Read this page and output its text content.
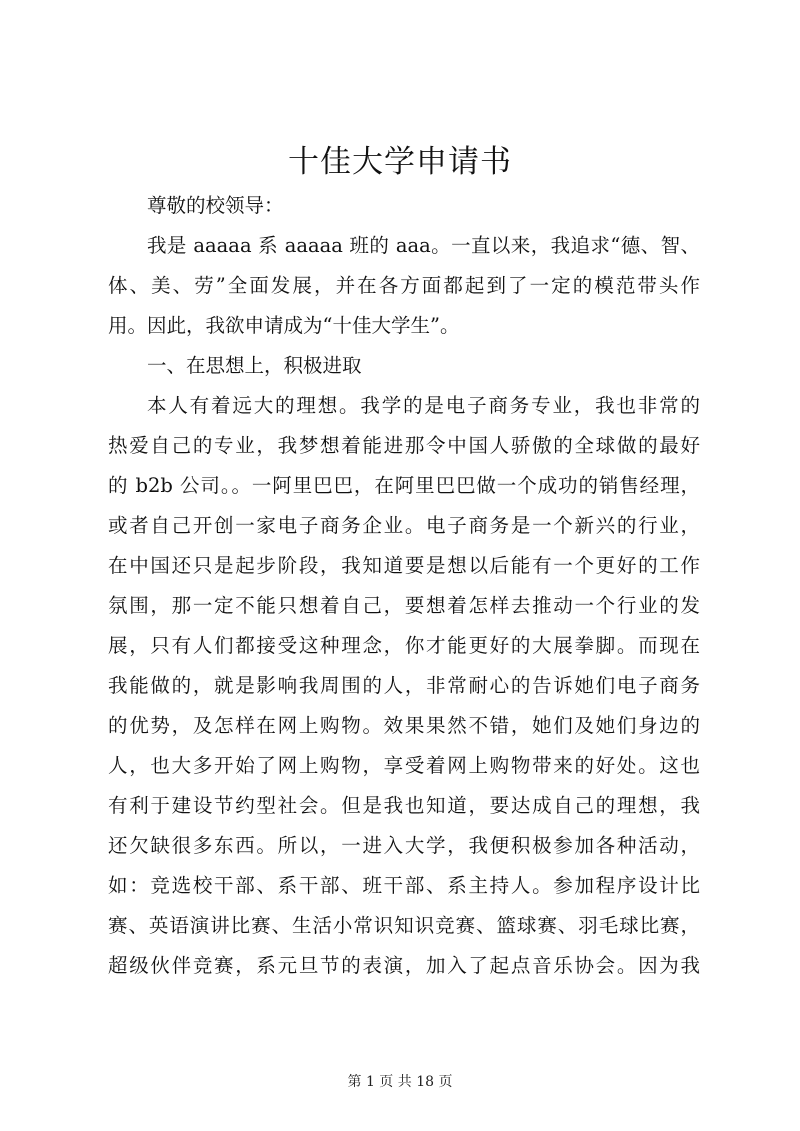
十佳大学申请书
尊敬的校领导：
我是 aaaaa 系 aaaaa 班的 aaa。一直以来，我追求“德、智、
体、美、劳”全面发展，并在各方面都起到了一定的模范带头作
用。因此，我欲申请成为“十佳大学生”。
一、在思想上，积极进取
本人有着远大的理想。我学的是电子商务专业，我也非常的
热爱自己的专业，我梦想着能进那令中国人骄傲的全球做的最好
的 b2b 公司。。一阿里巴巴，在阿里巴巴做一个成功的销售经理，
或者自己开创一家电子商务企业。电子商务是一个新兴的行业，
在中国还只是起步阶段，我知道要是想以后能有一个更好的工作
氛围，那一定不能只想着自己，要想着怎样去推动一个行业的发
展，只有人们都接受这种理念，你才能更好的大展拳脚。而现在
我能做的，就是影响我周围的人，非常耐心的告诉她们电子商务
的优势，及怎样在网上购物。效果果然不错，她们及她们身边的
人，也大多开始了网上购物，享受着网上购物带来的好处。这也
有利于建设节约型社会。但是我也知道，要达成自己的理想，我
还欠缺很多东西。所以，一进入大学，我便积极参加各种活动，
如：竞选校干部、系干部、班干部、系主持人。参加程序设计比
赛、英语演讲比赛、生活小常识知识竞赛、篮球赛、羽毛球比赛，
超级伙伴竞赛，系元旦节的表演，加入了起点音乐协会。因为我
第 1 页 共 18 页
